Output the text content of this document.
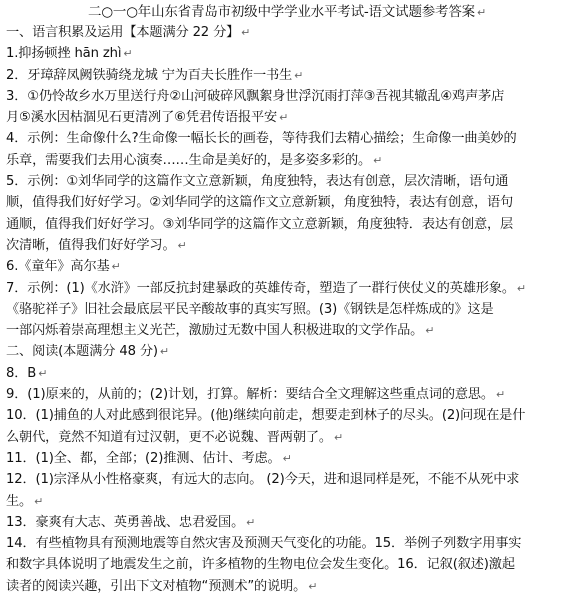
二○一○年山东省青岛市初级中学学业水平考试-语文试题参考答案 ↵
一、语言积累及运用【本题满分 22 分】 ↵
1.抑扬顿挫 hān zhì ↵
2．牙璋辞凤阙铁骑绕龙城 宁为百夫长胜作一书生 ↵
3．①仍怜故乡水万里送行舟②山河破碎风飘絮身世浮沉雨打萍③吾视其辙乱④鸡声茅店
月⑤溪水因枯涸见石更清冽了⑥凭君传语报平安 ↵
4．示例：生命像什么?生命像一幅长长的画卷，等待我们去精心描绘；生命像一曲美妙的
乐章，需要我们去用心演奏……生命是美好的，是多姿多彩的。 ↵
5．示例：①刘华同学的这篇作文立意新颖，角度独特，表达有创意，层次清晰，语句通
顺，值得我们好好学习。②刘华同学的这篇作文立意新颖，角度独特，表达有创意，语句
通顺，值得我们好好学习。③刘华同学的这篇作文立意新颖，角度独特．表达有创意，层
次清晰，值得我们好好学习。 ↵
6.《童年》高尔基 ↵
7．示例：(1)《水浒》一部反抗封建暴政的英雄传奇，塑造了一群行侠仗义的英雄形象。 ↵
《骆驼祥子》旧社会最底层平民辛酸故事的真实写照。(3)《钢铁是怎样炼成的》这是
一部闪烁着崇高理想主义光芒，激励过无数中国人积极进取的文学作品。 ↵
二、阅读(本题满分 48 分) ↵
8．B ↵
9．(1)原来的，从前的；(2)计划，打算。解析：要结合全文理解这些重点词的意思。 ↵
10．(1)捕鱼的人对此感到很诧异。(他)继续向前走，想要走到林子的尽头。(2)问现在是什
么朝代，竟然不知道有过汉朝，更不必说魏、晋两朝了。 ↵
11．(1)全、都，全部；(2)推测、估计、考虑。 ↵
12．(1)宗泽从小性格豪爽，有远大的志向。 (2)今天，进和退同样是死，不能不从死中求
生。 ↵
13．豪爽有大志、英勇善战、忠君爱国。 ↵
14．有些植物具有预测地震等自然灾害及预测天气变化的功能。15．举例子列数字用事实
和数字具体说明了地震发生之前，许多植物的生物电位会发生变化。16．记叙(叙述)激起
读者的阅读兴趣，引出下文对植物“预测术”的说明。 ↵
